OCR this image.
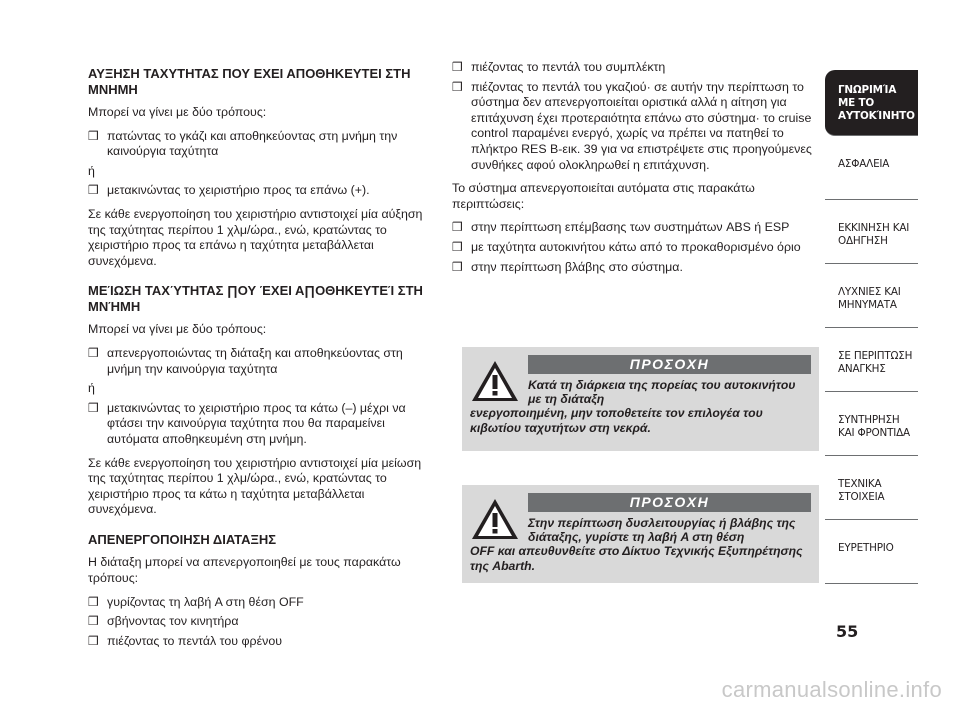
ΑΥΞΗΣΗ ΤΑΧΥΤΗΤΑΣ ΠΟΥ ΕΧΕΙ ΑΠΟΘΗΚΕΥΤΕΙ ΣΤΗ ΜΝΗΜΗ

Μπορεί να γίνει με δύο τρόπους:

❒ πατώντας το γκάζι και αποθηκεύοντας στη μνήμη την καινούργια ταχύτητα
ή
❒ μετακινώντας το χειριστήριο προς τα επάνω (+).

Σε κάθε ενεργοποίηση του χειριστήριο αντιστοιχεί μία αύξηση της ταχύτητας περίπου 1 χλμ/ώρα., ενώ, κρατώντας το χειριστήριο προς τα επάνω η ταχύτητα μεταβάλλεται συνεχόμενα.

ΜΕΊΩΣΗ ΤΑΧΎΤΗΤΑΣ ∏ΟΥ ΈΧΕΙ Α∏ΟΘΗΚΕΥΤΕΊ ΣΤΗ ΜΝΉΜΗ

Μπορεί να γίνει με δύο τρόπους:

❒ απενεργοποιώντας τη διάταξη και αποθηκεύοντας στη μνήμη την καινούργια ταχύτητα
ή
❒ μετακινώντας το χειριστήριο προς τα κάτω (–) μέχρι να φτάσει την καινούργια ταχύτητα που θα παραμείνει αυτόματα αποθηκευμένη στη μνήμη.

Σε κάθε ενεργοποίηση του χειριστήριο αντιστοιχεί μία μείωση της ταχύτητας περίπου 1 χλμ/ώρα., ενώ, κρατώντας το χειριστήριο προς τα κάτω η ταχύτητα μεταβάλλεται συνεχόμενα.

ΑΠΕΝΕΡΓΟΠΟΙΗΣΗ ΔΙΑΤΑΞΗΣ

Η διάταξη μπορεί να απενεργοποιηθεί με τους παρακάτω τρόπους:

❒ γυρίζοντας τη λαβή A στη θέση OFF
❒ σβήνοντας τον κινητήρα
❒ πιέζοντας το πεντάλ του φρένου
❒ πιέζοντας το πεντάλ του συμπλέκτη
❒ πιέζοντας το πεντάλ του γκαζιού· σε αυτήν την περίπτωση το σύστημα δεν απενεργοποιείται οριστικά αλλά η αίτηση για επιτάχυνση έχει προτεραιότητα επάνω στο σύστημα· το cruise control παραμένει ενεργό, χωρίς να πρέπει να πατηθεί το πλήκτρο RES B-εικ. 39 για να επιστρέψετε στις προηγούμενες συνθήκες αφού ολοκληρωθεί η επιτάχυνση.

Το σύστημα απενεργοποιείται αυτόματα στις παρακάτω περιπτώσεις:

❒ στην περίπτωση επέμβασης των συστημάτων ABS ή ESP
❒ με ταχύτητα αυτοκινήτου κάτω από το προκαθορισμένο όριο
❒ στην περίπτωση βλάβης στο σύστημα.
ΠΡΟΣΟΧΗ
Κατά τη διάρκεια της πορείας του αυτοκινήτου με τη διάταξη
ενεργοποιημένη, μην τοποθετείτε τον επιλογέα του κιβωτίου ταχυτήτων στη νεκρά.
ΠΡΟΣΟΧΗ
Στην περίπτωση δυσλειτουργίας ή βλάβης της διάταξης, γυρίστε τη λαβή A στη θέση
OFF και απευθυνθείτε στο Δίκτυο Τεχνικής Εξυπηρέτησης της Abarth.
ΓΝΩΡΙΜΊΑ
ΜΕ ΤΟ
ΑΥΤΟΚΊΝΗΤΟ
ΑΣΦΑΛΕΙΑ
ΕΚΚΙΝΗΣΗ ΚΑΙ
ΟΔΗΓΗΣΗ
ΛΥΧΝΙΕΣ ΚΑΙ
ΜΗΝΥΜΑΤΑ
ΣΕ ΠΕΡΙΠΤΩΣΗ
ΑΝΑΓΚΗΣ
ΣΥΝΤΗΡΗΣΗ
ΚΑΙ ΦΡΟΝΤΙΔΑ
ΤΕΧΝΙΚΑ
ΣΤΟΙΧΕΙΑ
ΕΥΡΕΤΗΡΙΟ
55
carmanualsonline.info
